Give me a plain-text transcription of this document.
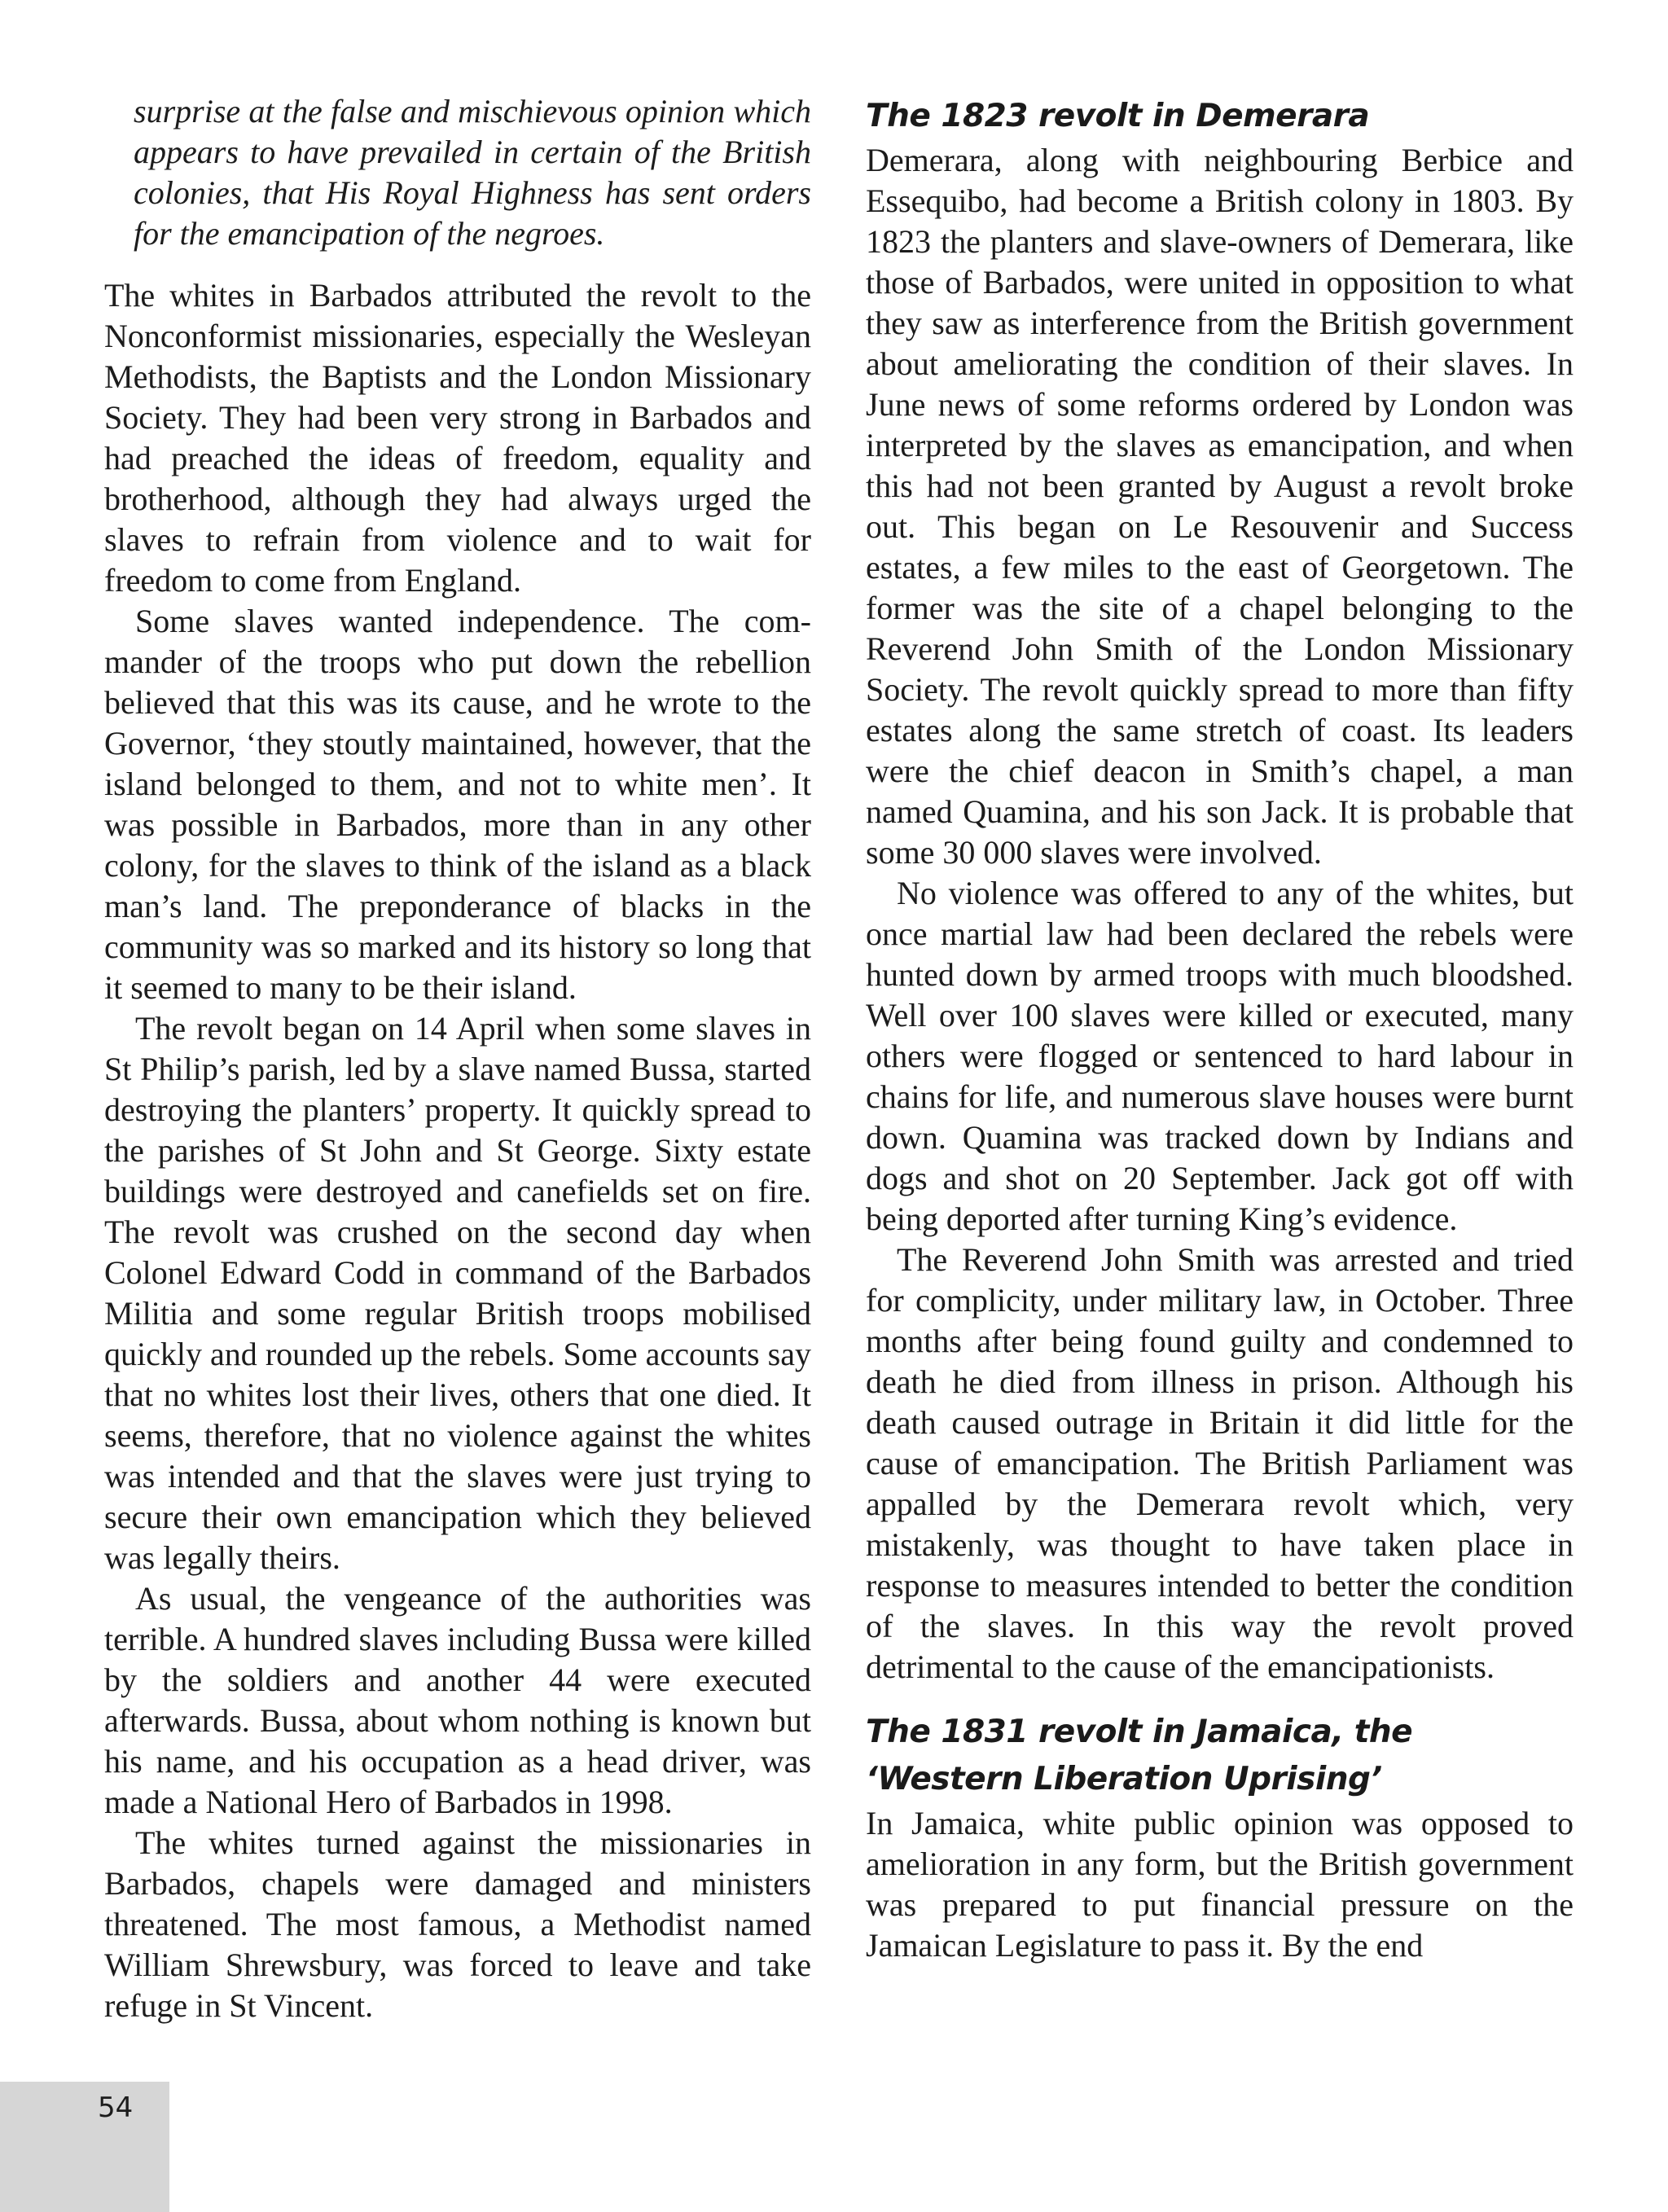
surprise at the false and mischievous opinion which appears to have prevailed in certain of the British colonies, that His Royal Highness has sent orders for the emancipation of the negroes.

The whites in Barbados attributed the revolt to the Nonconformist missionaries, especially the Wesleyan Methodists, the Baptists and the London Missionary Society. They had been very strong in Barbados and had preached the ideas of freedom, equality and brotherhood, although they had always urged the slaves to refrain from violence and to wait for freedom to come from England.

Some slaves wanted independence. The commander of the troops who put down the rebellion believed that this was its cause, and he wrote to the Governor, ‘they stoutly maintained, however, that the island belonged to them, and not to white men’. It was possible in Barbados, more than in any other colony, for the slaves to think of the island as a black man’s land. The preponderance of blacks in the community was so marked and its history so long that it seemed to many to be their island.

The revolt began on 14 April when some slaves in St Philip’s parish, led by a slave named Bussa, started destroying the planters’ property. It quickly spread to the parishes of St John and St George. Sixty estate buildings were destroyed and canefields set on fire. The revolt was crushed on the second day when Colonel Edward Codd in command of the Barbados Militia and some regular British troops mobilised quickly and rounded up the rebels. Some accounts say that no whites lost their lives, others that one died. It seems, therefore, that no violence against the whites was intended and that the slaves were just trying to secure their own emancipation which they believed was legally theirs.

As usual, the vengeance of the authorities was terrible. A hundred slaves including Bussa were killed by the soldiers and another 44 were executed afterwards. Bussa, about whom nothing is known but his name, and his occupation as a head driver, was made a National Hero of Barbados in 1998.

The whites turned against the missionaries in Barbados, chapels were damaged and ministers threatened. The most famous, a Methodist named William Shrewsbury, was forced to leave and take refuge in St Vincent.

The 1823 revolt in Demerara

Demerara, along with neighbouring Berbice and Essequibo, had become a British colony in 1803. By 1823 the planters and slave-owners of Demerara, like those of Barbados, were united in opposition to what they saw as interference from the British government about ameliorating the condition of their slaves. In June news of some reforms ordered by London was interpreted by the slaves as emancipation, and when this had not been granted by August a revolt broke out. This began on Le Resouvenir and Success estates, a few miles to the east of Georgetown. The former was the site of a chapel belonging to the Reverend John Smith of the London Missionary Society. The revolt quickly spread to more than fifty estates along the same stretch of coast. Its leaders were the chief deacon in Smith’s chapel, a man named Quamina, and his son Jack. It is probable that some 30 000 slaves were involved.

No violence was offered to any of the whites, but once martial law had been declared the rebels were hunted down by armed troops with much bloodshed. Well over 100 slaves were killed or executed, many others were flogged or sentenced to hard labour in chains for life, and numerous slave houses were burnt down. Quamina was tracked down by Indians and dogs and shot on 20 September. Jack got off with being deported after turning King’s evidence.

The Reverend John Smith was arrested and tried for complicity, under military law, in October. Three months after being found guilty and condemned to death he died from illness in prison. Although his death caused outrage in Britain it did little for the cause of emancipation. The British Parliament was appalled by the Demerara revolt which, very mistakenly, was thought to have taken place in response to measures intended to better the condition of the slaves. In this way the revolt proved detrimental to the cause of the emancipationists.

The 1831 revolt in Jamaica, the ‘Western Liberation Uprising’

In Jamaica, white public opinion was opposed to amelioration in any form, but the British government was prepared to put financial pressure on the Jamaican Legislature to pass it. By the end

54
